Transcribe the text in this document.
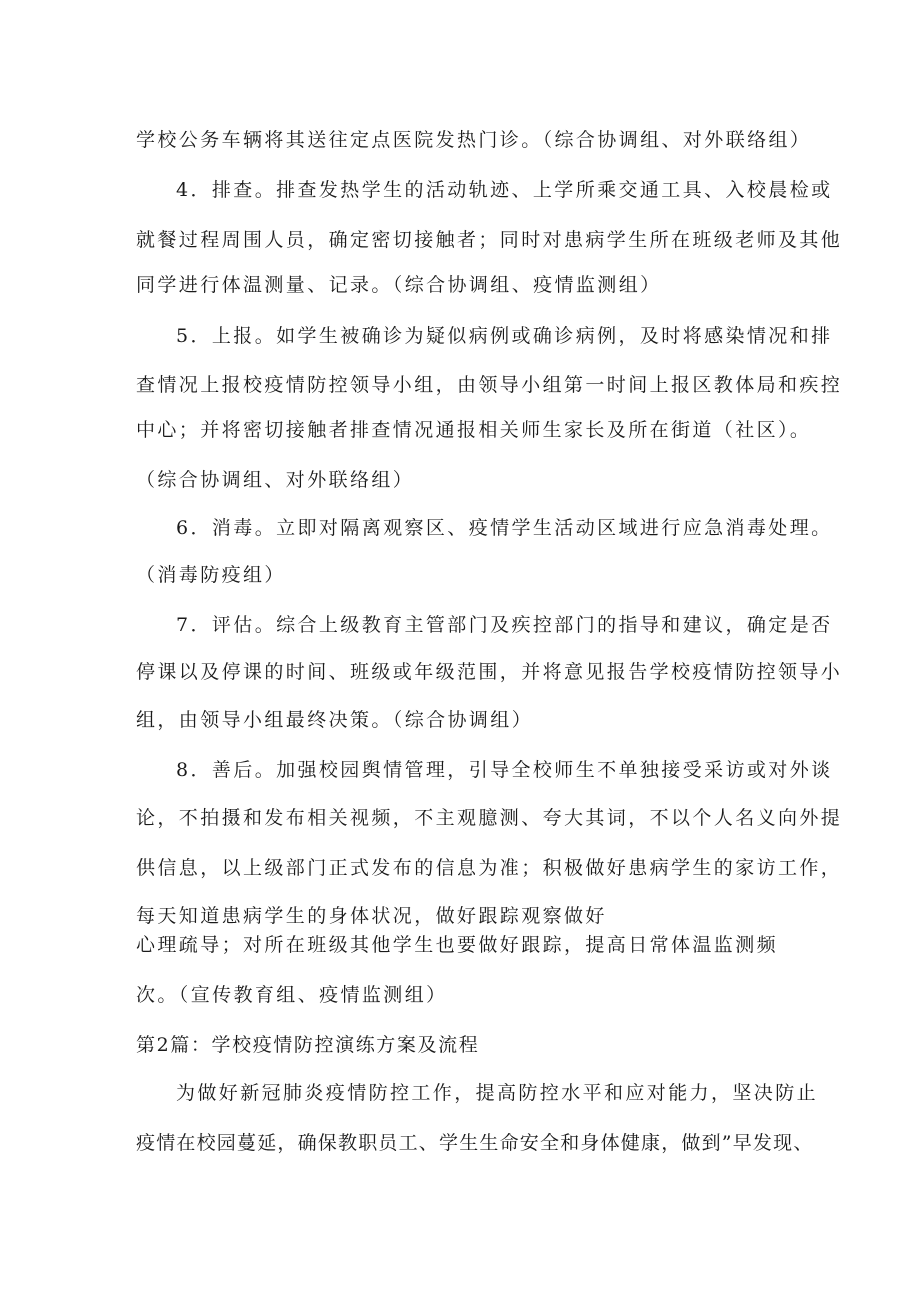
学校公务车辆将其送往定点医院发热门诊。（综合协调组、对外联络组）
4．排查。排查发热学生的活动轨迹、上学所乘交通工具、入校晨检或
就餐过程周围人员，确定密切接触者；同时对患病学生所在班级老师及其他
同学进行体温测量、记录。（综合协调组、疫情监测组）
5．上报。如学生被确诊为疑似病例或确诊病例，及时将感染情况和排
查情况上报校疫情防控领导小组，由领导小组第一时间上报区教体局和疾控
中心；并将密切接触者排查情况通报相关师生家长及所在街道（社区）。
（综合协调组、对外联络组）
6．消毒。立即对隔离观察区、疫情学生活动区域进行应急消毒处理。
（消毒防疫组）
7．评估。综合上级教育主管部门及疾控部门的指导和建议，确定是否
停课以及停课的时间、班级或年级范围，并将意见报告学校疫情防控领导小
组，由领导小组最终决策。（综合协调组）
8．善后。加强校园舆情管理，引导全校师生不单独接受采访或对外谈
论，不拍摄和发布相关视频，不主观臆测、夸大其词，不以个人名义向外提
供信息，以上级部门正式发布的信息为准；积极做好患病学生的家访工作，
每天知道患病学生的身体状况，做好跟踪观察做好
心理疏导；对所在班级其他学生也要做好跟踪，提高日常体温监测频
次。（宣传教育组、疫情监测组）
第2篇：学校疫情防控演练方案及流程
为做好新冠肺炎疫情防控工作，提高防控水平和应对能力，坚决防止
疫情在校园蔓延，确保教职员工、学生生命安全和身体健康，做到”早发现、
